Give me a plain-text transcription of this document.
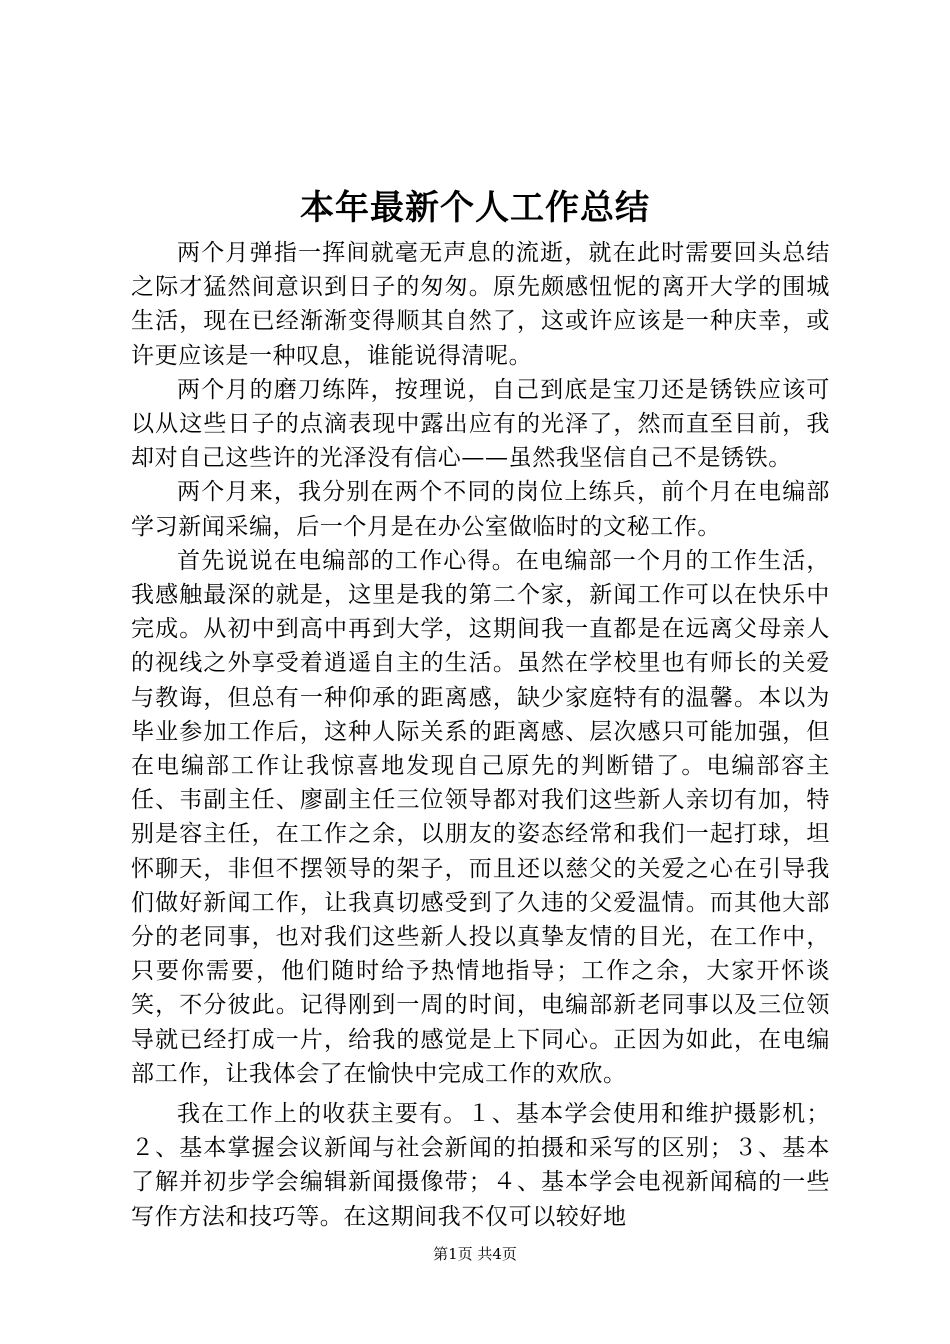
本年最新个人工作总结

两个月弹指一挥间就毫无声息的流逝，就在此时需要回头总结之际才猛然间意识到日子的匆匆。原先颇感忸怩的离开大学的围城生活，现在已经渐渐变得顺其自然了，这或许应该是一种庆幸，或许更应该是一种叹息，谁能说得清呢。

两个月的磨刀练阵，按理说，自己到底是宝刀还是锈铁应该可以从这些日子的点滴表现中露出应有的光泽了，然而直至目前，我却对自己这些许的光泽没有信心——虽然我坚信自己不是锈铁。

两个月来，我分别在两个不同的岗位上练兵，前个月在电编部学习新闻采编，后一个月是在办公室做临时的文秘工作。

首先说说在电编部的工作心得。在电编部一个月的工作生活，我感触最深的就是，这里是我的第二个家，新闻工作可以在快乐中完成。从初中到高中再到大学，这期间我一直都是在远离父母亲人的视线之外享受着逍遥自主的生活。虽然在学校里也有师长的关爱与教诲，但总有一种仰承的距离感，缺少家庭特有的温馨。本以为毕业参加工作后，这种人际关系的距离感、层次感只可能加强，但在电编部工作让我惊喜地发现自己原先的判断错了。电编部容主任、韦副主任、廖副主任三位领导都对我们这些新人亲切有加，特别是容主任，在工作之余，以朋友的姿态经常和我们一起打球，坦怀聊天，非但不摆领导的架子，而且还以慈父的关爱之心在引导我们做好新闻工作，让我真切感受到了久违的父爱温情。而其他大部分的老同事，也对我们这些新人投以真挚友情的目光，在工作中，只要你需要，他们随时给予热情地指导；工作之余，大家开怀谈笑，不分彼此。记得刚到一周的时间，电编部新老同事以及三位领导就已经打成一片，给我的感觉是上下同心。正因为如此，在电编部工作，让我体会了在愉快中完成工作的欢欣。

我在工作上的收获主要有。１、基本学会使用和维护摄影机；２、基本掌握会议新闻与社会新闻的拍摄和采写的区别；３、基本了解并初步学会编辑新闻摄像带；４、基本学会电视新闻稿的一些写作方法和技巧等。在这期间我不仅可以较好地

第1页 共4页
